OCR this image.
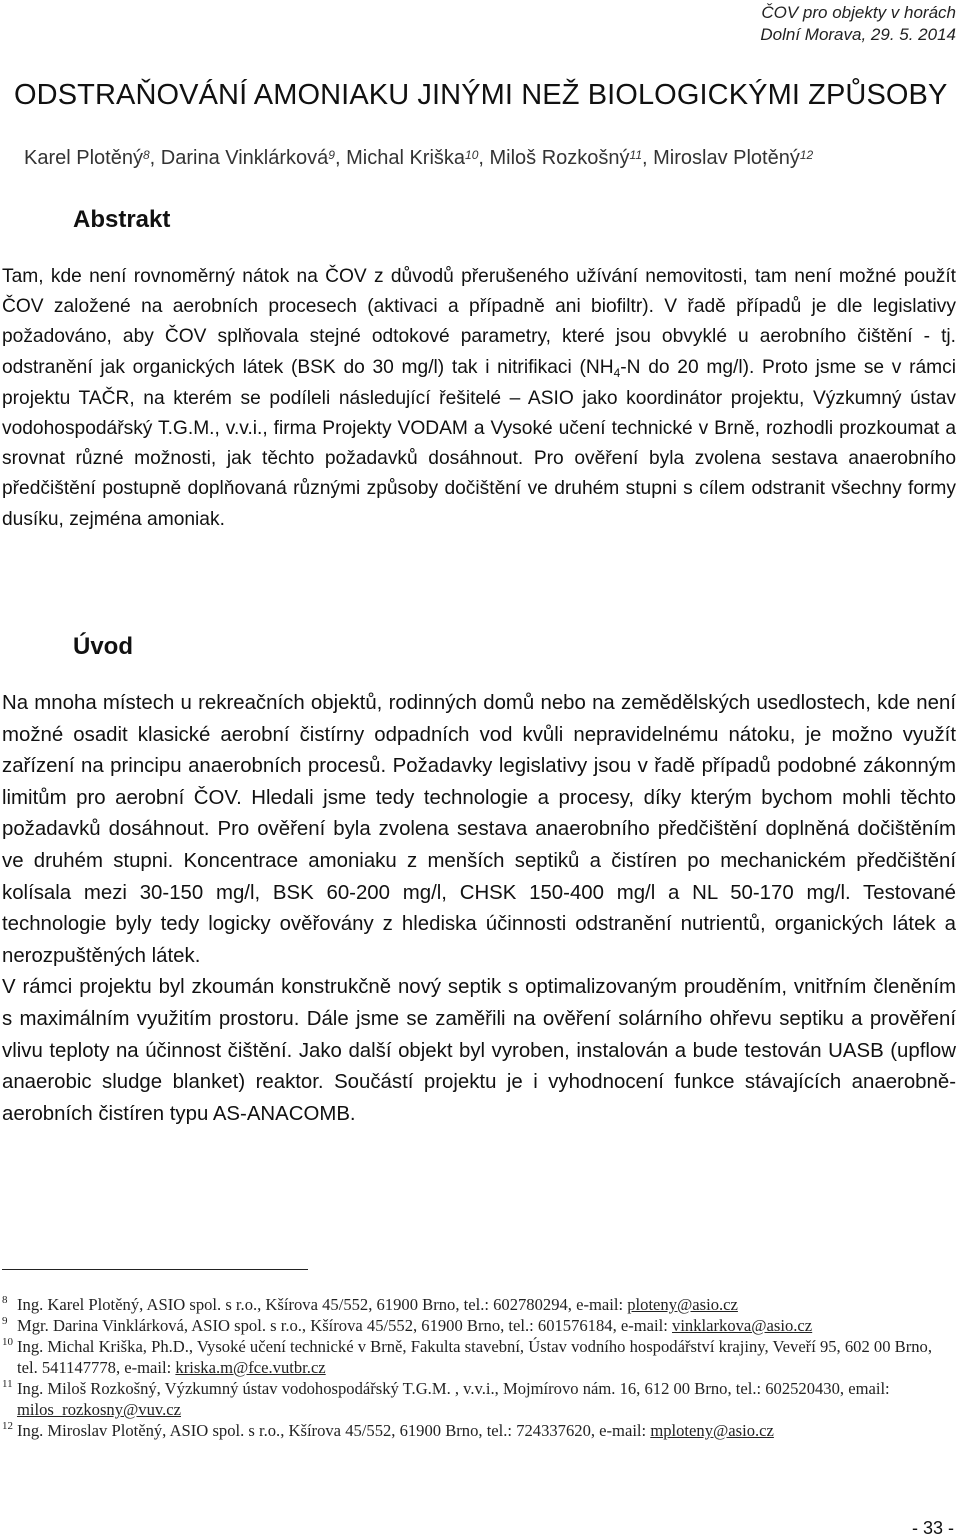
ČOV pro objekty v horách
Dolní Morava, 29. 5. 2014
ODSTRAŇOVÁNÍ AMONIAKU JINÝMI NEŽ BIOLOGICKÝMI ZPŮSOBY
Karel Plotěný$^8$, Darina Vinklárková$^9$, Michal Kriška$^{10}$, Miloš Rozkošný$^{11}$, Miroslav Plotěný$^{12}$
Abstrakt

Tam, kde není rovnoměrný nátok na ČOV z důvodů přerušeného užívání nemovitosti, tam není možné použít ČOV založené na aerobních procesech (aktivaci a případně ani biofiltr). V řadě případů je dle legislativy požadováno, aby ČOV splňovala stejné odtokové parametry, které jsou obvyklé u aerobního čištění - tj. odstranění jak organických látek (BSK do 30 mg/l) tak i nitrifikaci ($NH_4-N$ do 20 mg/l). Proto jsme se v rámci projektu TAČR, na kterém se podíleli následující řešitelé – ASIO jako koordinátor projektu, Výzkumný ústav vodohospodářský T.G.M., v.v.i., firma Projekty VODAM a Vysoké učení technické v Brně, rozhodli prozkoumat a srovnat různé možnosti, jak těchto požadavků dosáhnout. Pro ověření byla zvolena sestava anaerobního předčištění postupně doplňovaná různými způsoby dočištění ve druhém stupni s cílem odstranit všechny formy dusíku, zejména amoniak.

Úvod

Na mnoha místech u rekreačních objektů, rodinných domů nebo na zemědělských usedlostech, kde není možné osadit klasické aerobní čistírny odpadních vod kvůli nepravidelnému nátoku, je možno využít zařízení na principu anaerobních procesů. Požadavky legislativy jsou v řadě případů podobné zákonným limitům pro aerobní ČOV. Hledali jsme tedy technologie a procesy, díky kterým bychom mohli těchto požadavků dosáhnout. Pro ověření byla zvolena sestava anaerobního předčištění doplněná dočištěním ve druhém stupni. Koncentrace amoniaku z menších septiků a čistíren po mechanickém předčištění kolísala mezi 30-150 mg/l, BSK 60-200 mg/l, CHSK 150-400 mg/l a NL 50-170 mg/l. Testované technologie byly tedy logicky ověřovány z hlediska účinnosti odstranění nutrientů, organických látek a nerozpuštěných látek.

V rámci projektu byl zkoumán konstrukčně nový septik s optimalizovaným prouděním, vnitřním členěním s maximálním využitím prostoru. Dále jsme se zaměřili na ověření solárního ohřevu septiku a prověření vlivu teploty na účinnost čištění. Jako další objekt byl vyroben, instalován a bude testován UASB (upflow anaerobic sludge blanket) reaktor. Součástí projektu je i vyhodnocení funkce stávajících anaerobně-aerobních čistíren typu AS-ANACOMB.

8 Ing. Karel Plotěný, ASIO spol. s r.o., Kšírova 45/552, 61900 Brno, tel.: 602780294, e-mail: ploteny@asio.cz
9 Mgr. Darina Vinklárková, ASIO spol. s r.o., Kšírova 45/552, 61900 Brno, tel.: 601576184, e-mail: vinklarkova@asio.cz
10 Ing. Michal Kriška, Ph.D., Vysoké učení technické v Brně, Fakulta stavební, Ústav vodního hospodářství krajiny, Veveří 95, 602 00 Brno, tel. 541147778, e-mail: kriska.m@fce.vutbr.cz
11 Ing. Miloš Rozkošný, Výzkumný ústav vodohospodářský T.G.M. , v.v.i., Mojmírovo nám. 16, 612 00 Brno, tel.: 602520430, email: milos_rozkosny@vuv.cz
12 Ing. Miroslav Plotěný, ASIO spol. s r.o., Kšírova 45/552, 61900 Brno, tel.: 724337620, e-mail: mploteny@asio.cz
- 33 -
